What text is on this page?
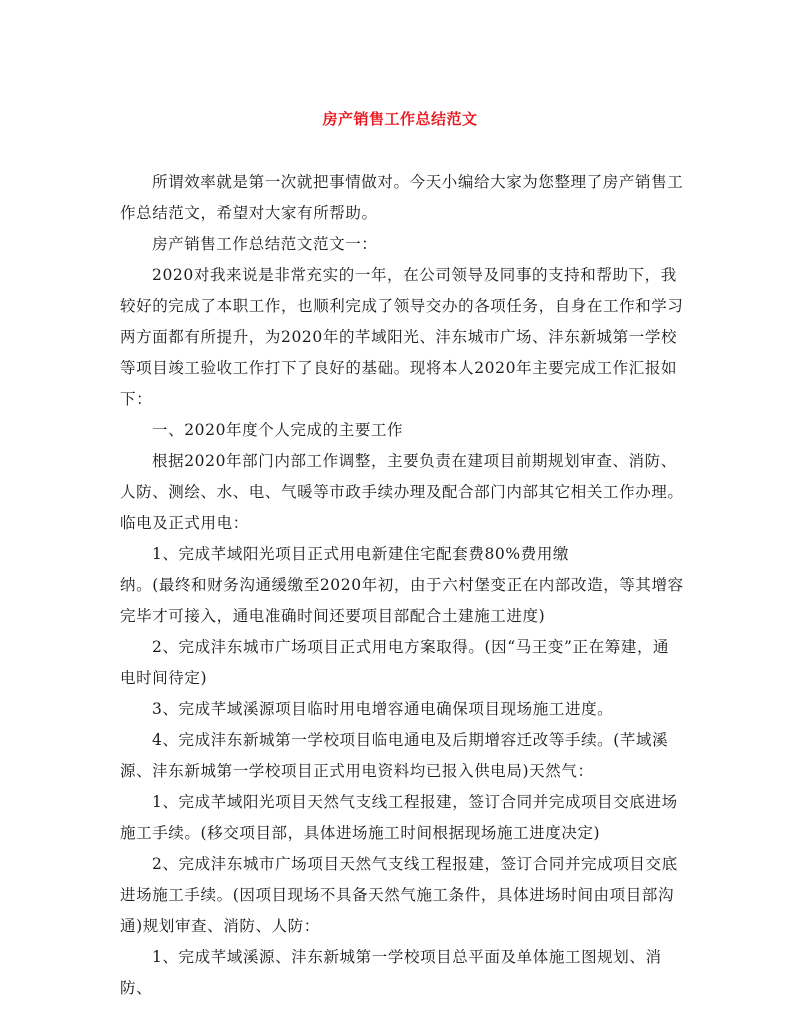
房产销售工作总结范文

所谓效率就是第一次就把事情做对。今天小编给大家为您整理了房产销售工作总结范文，希望对大家有所帮助。

房产销售工作总结范文范文一：

2020对我来说是非常充实的一年，在公司领导及同事的支持和帮助下，我较好的完成了本职工作，也顺利完成了领导交办的各项任务，自身在工作和学习两方面都有所提升，为2020年的芊域阳光、沣东城市广场、沣东新城第一学校等项目竣工验收工作打下了良好的基础。现将本人2020年主要完成工作汇报如下：

一、2020年度个人完成的主要工作

根据2020年部门内部工作调整，主要负责在建项目前期规划审查、消防、人防、测绘、水、电、气暖等市政手续办理及配合部门内部其它相关工作办理。临电及正式用电：

1、完成芊域阳光项目正式用电新建住宅配套费80%费用缴

纳。(最终和财务沟通缓缴至2020年初，由于六村堡变正在内部改造，等其增容完毕才可接入，通电准确时间还要项目部配合土建施工进度)

2、完成沣东城市广场项目正式用电方案取得。(因“马王变”正在筹建，通电时间待定)

3、完成芊域溪源项目临时用电增容通电确保项目现场施工进度。

4、完成沣东新城第一学校项目临电通电及后期增容迁改等手续。(芊域溪源、沣东新城第一学校项目正式用电资料均已报入供电局)天然气：

1、完成芊域阳光项目天然气支线工程报建，签订合同并完成项目交底进场施工手续。(移交项目部，具体进场施工时间根据现场施工进度决定)

2、完成沣东城市广场项目天然气支线工程报建，签订合同并完成项目交底进场施工手续。(因项目现场不具备天然气施工条件，具体进场时间由项目部沟通)规划审查、消防、人防：

1、完成芊域溪源、沣东新城第一学校项目总平面及单体施工图规划、消防、
